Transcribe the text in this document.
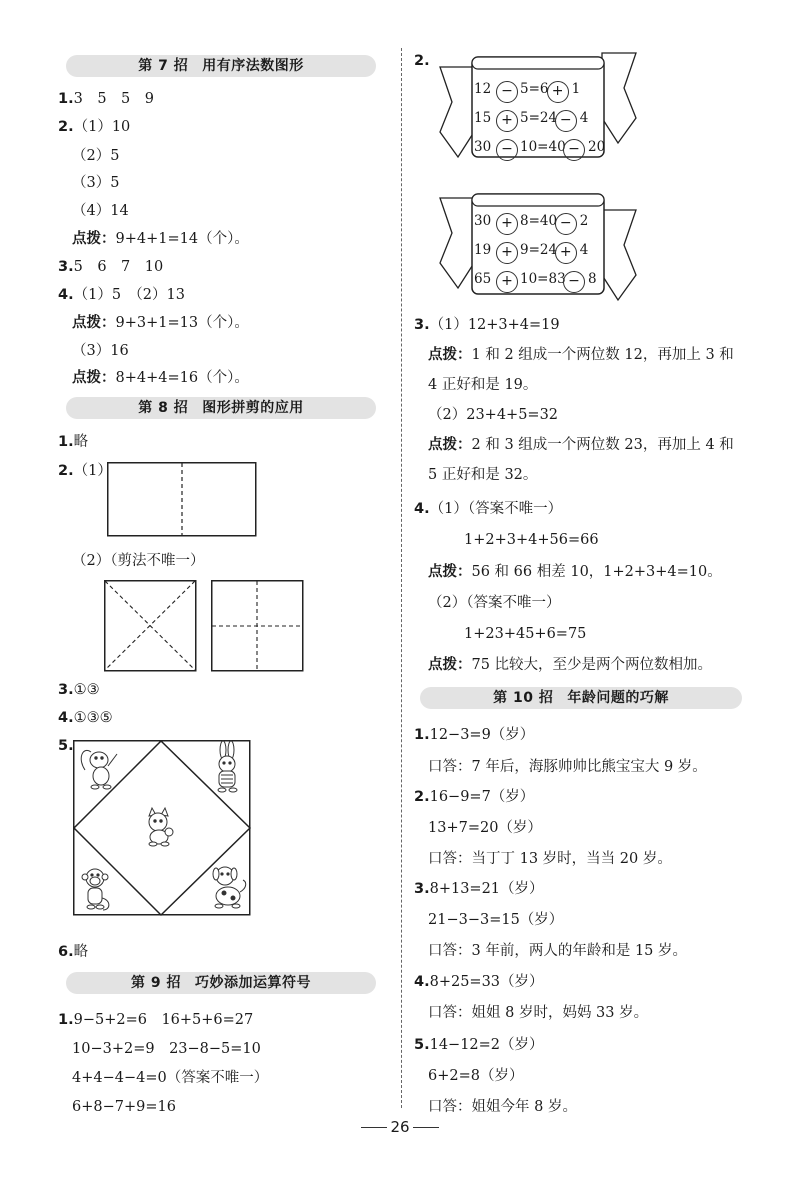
第 7 招 用有序法数图形
1.3　5　5　9
2.（1）10
（2）5
（3）5
（4）14
点拨：9+4+1=14（个）。
3.5　6　7　10
4.（1）5　（2）13
点拨：9+3+1=13（个）。
（3）16
点拨：8+4+4=16（个）。
第 8 招 图形拼剪的应用
1.略
2.（1）
（2）（剪法不唯一）
3.①③
4.①③⑤
5.
6.略
第 9 招 巧妙添加运算符号
1.9−5+2=6　16+5+6=27
10−3+2=9　23−8−5=10
4+4−4−4=0（答案不唯一）
6+8−7+9=16
2.
12 − 5=6 + 1
15 + 5=24 − 4
30 − 10=40 − 20
30 + 8=40 − 2
19 + 9=24 + 4
65 + 10=83 − 8
3.（1）12+3+4=19
点拨：1 和 2 组成一个两位数 12，再加上 3 和
4 正好和是 19。
（2）23+4+5=32
点拨：2 和 3 组成一个两位数 23，再加上 4 和
5 正好和是 32。
4.（1）（答案不唯一）
1+2+3+4+56=66
点拨：56 和 66 相差 10，1+2+3+4=10。
（2）（答案不唯一）
1+23+45+6=75
点拨：75 比较大，至少是两个两位数相加。
第 10 招 年龄问题的巧解
1.12−3=9（岁）
口答：7 年后，海豚帅帅比熊宝宝大 9 岁。
2.16−9=7（岁）
13+7=20（岁）
口答：当丁丁 13 岁时，当当 20 岁。
3.8+13=21（岁）
21−3−3=15（岁）
口答：3 年前，两人的年龄和是 15 岁。
4.8+25=33（岁）
口答：姐姐 8 岁时，妈妈 33 岁。
5.14−12=2（岁）
6+2=8（岁）
口答：姐姐今年 8 岁。
26
